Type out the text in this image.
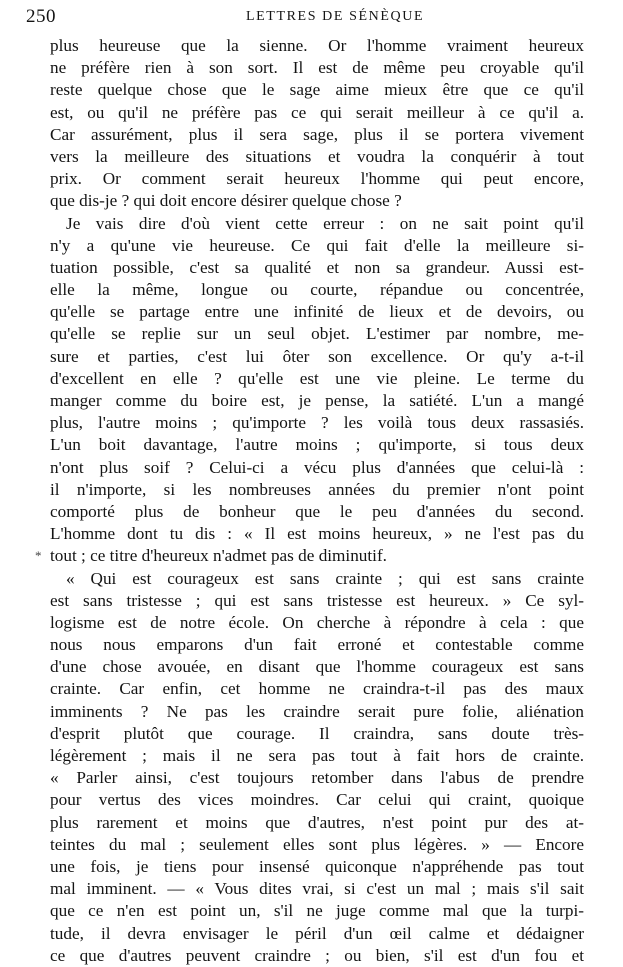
250	LETTRES DE SÉNÈQUE
*
plus heureuse que la sienne. Or l'homme vraiment heureux
ne préfère rien à son sort. Il est de même peu croyable qu'il
reste quelque chose que le sage aime mieux être que ce qu'il
est, ou qu'il ne préfère pas ce qui serait meilleur à ce qu'il a.
Car assurément, plus il sera sage, plus il se portera vivement
vers la meilleure des situations et voudra la conquérir à tout
prix. Or comment serait heureux l'homme qui peut encore,
que dis-je ? qui doit encore désirer quelque chose ?
Je vais dire d'où vient cette erreur : on ne sait point qu'il
n'y a qu'une vie heureuse. Ce qui fait d'elle la meilleure si-
tuation possible, c'est sa qualité et non sa grandeur. Aussi est-
elle la même, longue ou courte, répandue ou concentrée,
qu'elle se partage entre une infinité de lieux et de devoirs, ou
qu'elle se replie sur un seul objet. L'estimer par nombre, me-
sure et parties, c'est lui ôter son excellence. Or qu'y a-t-il
d'excellent en elle ? qu'elle est une vie pleine. Le terme du
manger comme du boire est, je pense, la satiété. L'un a mangé
plus, l'autre moins ; qu'importe ? les voilà tous deux rassasiés.
L'un boit davantage, l'autre moins ; qu'importe, si tous deux
n'ont plus soif ? Celui-ci a vécu plus d'années que celui-là :
il n'importe, si les nombreuses années du premier n'ont point
comporté plus de bonheur que le peu d'années du second.
L'homme dont tu dis : « Il est moins heureux, » ne l'est pas du
tout ; ce titre d'heureux n'admet pas de diminutif.
« Qui est courageux est sans crainte ; qui est sans crainte
est sans tristesse ; qui est sans tristesse est heureux. » Ce syl-
logisme est de notre école. On cherche à répondre à cela : que
nous nous emparons d'un fait erroné et contestable comme
d'une chose avouée, en disant que l'homme courageux est sans
crainte. Car enfin, cet homme ne craindra-t-il pas des maux
imminents ? Ne pas les craindre serait pure folie, aliénation
d'esprit plutôt que courage. Il craindra, sans doute très-
légèrement ; mais il ne sera pas tout à fait hors de crainte.
« Parler ainsi, c'est toujours retomber dans l'abus de prendre
pour vertus des vices moindres. Car celui qui craint, quoique
plus rarement et moins que d'autres, n'est point pur des at-
teintes du mal ; seulement elles sont plus légères. » — Encore
une fois, je tiens pour insensé quiconque n'appréhende pas tout
mal imminent. — « Vous dites vrai, si c'est un mal ; mais s'il sait
que ce n'en est point un, s'il ne juge comme mal que la turpi-
tude, il devra envisager le péril d'un œil calme et dédaigner
ce que d'autres peuvent craindre ; ou bien, s'il est d'un fou et
